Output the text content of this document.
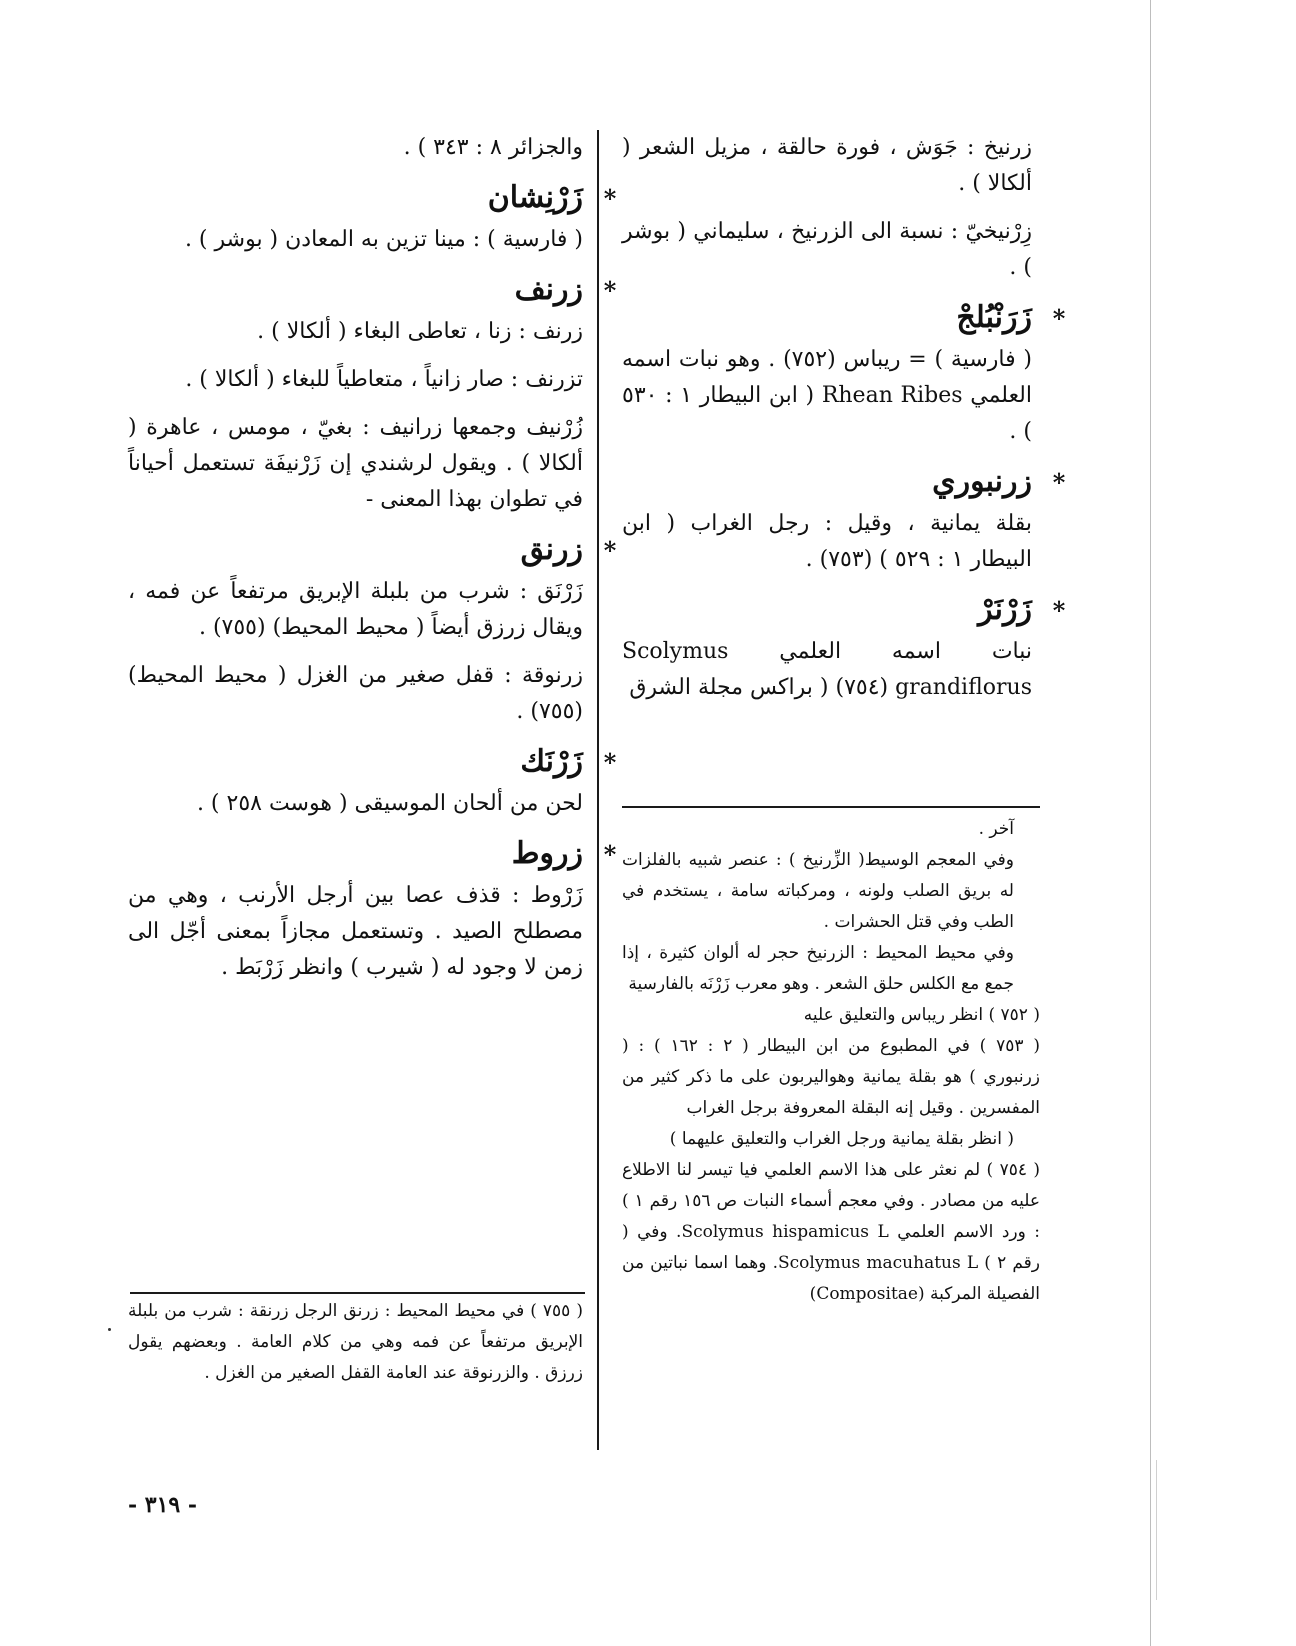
زرنيخ : جَوَش ، فورة حالقة ، مزيل الشعر ( ألكالا ) .

زِرْنيخيّ : نسبة الى الزرنيخ ، سليماني ( بوشر ) .

*
زَرَنْبُلجْ

( فارسية ) = ريباس (٧٥٢) . وهو نبات اسمه العلمي Rhean Ribes ( ابن البيطار ١ : ٥٣٠ ) .

*
زرنبوري

بقلة يمانية ، وقيل : رجل الغراب ( ابن البيطار ١ : ٥٢٩ ) (٧٥٣) .

*
زَرْنَرْ

نبات اسمه العلمي Scolymus grandiflorus (٧٥٤) ( براكس مجلة الشرق

آخر .

وفي المعجم الوسيط( الزِّرنيخ ) : عنصر شبيه بالفلزات له بريق الصلب ولونه ، ومركباته سامة ، يستخدم في الطب وفي قتل الحشرات .

وفي محيط المحيط : الزرنيخ حجر له ألوان كثيرة ، إذا جمع مع الكلس حلق الشعر . وهو معرب زَرْنَه بالفارسية

( ٧٥٢ ) انظر ريباس والتعليق عليه

( ٧٥٣ ) في المطبوع من ابن البيطار ( ٢ : ١٦٢ ) : ( زرنبوري ) هو بقلة يمانية وهواليربون على ما ذكر كثير من المفسرين . وقيل إنه البقلة المعروفة برجل الغراب

( انظر بقلة يمانية ورجل الغراب والتعليق عليهما )

( ٧٥٤ ) لم نعثر على هذا الاسم العلمي فيا تيسر لنا الاطلاع عليه من مصادر . وفي معجم أسماء النبات ص ١٥٦ رقم ١ ) : ورد الاسم العلمي Scolymus hispamicus L. وفي ( رقم ٢ ) Scolymus macuhatus L. وهما اسما نباتين من الفصيلة المركبة (Compositae)

والجزائر ٨ : ٣٤٣ ) .

*
زَرْنِشان

( فارسية ) : مينا تزين به المعادن ( بوشر ) .

*
زرنف

زرنف : زنا ، تعاطى البغاء ( ألكالا ) .

تزرنف : صار زانياً ، متعاطياً للبغاء ( ألكالا ) .

زُرْنيف وجمعها زرانيف : بغيّ ، مومس ، عاهرة ( ألكالا ) . ويقول لرشندي إن زَرْنيفَة تستعمل أحياناً في تطوان بهذا المعنى -

*
زرنق

زَرْنَق : شرب من بلبلة الإبريق مرتفعاً عن فمه ، ويقال زرزق أيضاً ( محيط المحيط) (٧٥٥) .

زرنوقة : قفل صغير من الغزل ( محيط المحيط) (٧٥٥) .

*
زَرْنَك

لحن من ألحان الموسيقى ( هوست ٢٥٨ ) .

*
زروط

زَرْوط : قذف عصا بين أرجل الأرنب ، وهي من مصطلح الصيد . وتستعمل مجازاً بمعنى أجّل الى زمن لا وجود له ( شيرب ) وانظر زَرْبَط .

( ٧٥٥ ) في محيط المحيط : زرنق الرجل زرنقة : شرب من بلبلة الإبريق مرتفعاً عن فمه وهي من كلام العامة . وبعضهم يقول زرزق . والزرنوقة عند العامة القفل الصغير من الغزل .

- ٣١٩ -
